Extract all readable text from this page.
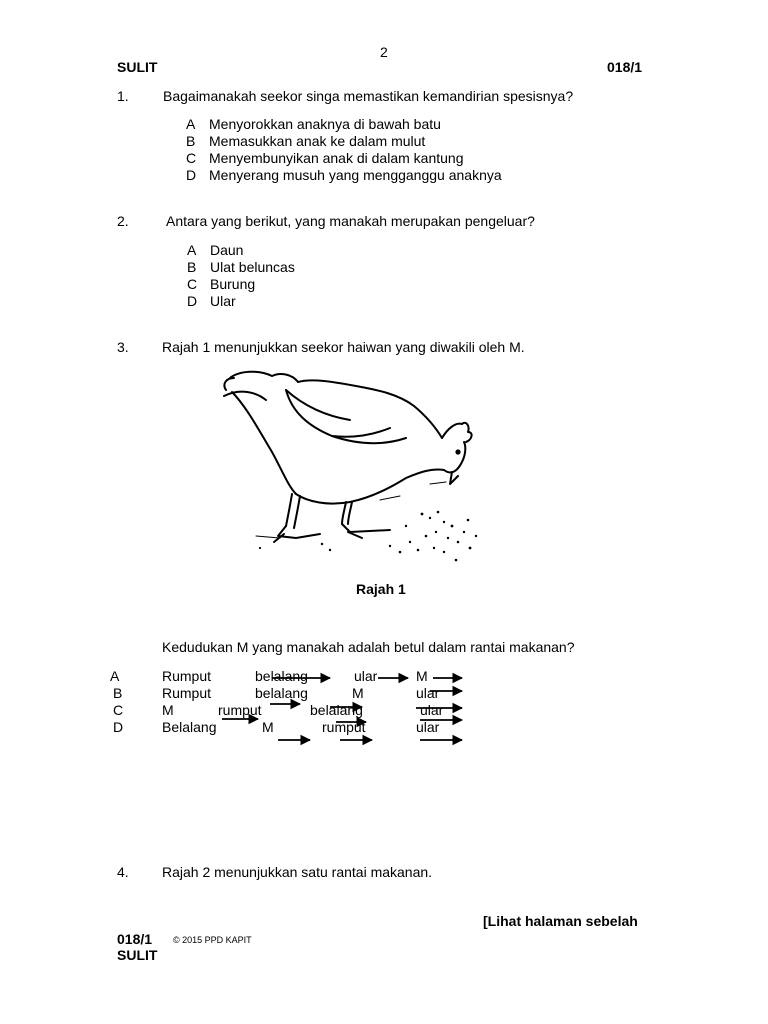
2
SULIT	018/1
1. Bagaimanakah seekor singa memastikan kemandirian spesisnya?
A Menyorokkan anaknya di bawah batu
B Memasukkan anak ke dalam mulut
C Menyembunyikan anak di dalam kantung
D Menyerang musuh yang mengganggu anaknya
2.	Antara yang berikut, yang manakah merupakan pengeluar?
A Daun
B Ulat beluncas
C Burung
D Ular
3. Rajah 1 menunjukkan seekor haiwan yang diwakili oleh M.
Rajah 1
Kedudukan M yang manakah adalah betul dalam rantai makanan?
A	Rumput	belalang	ular	M
B	Rumput	belalang	M	ular
C	M	rumput	belalang	ular
D	Belalang	M	rumput	ular
4. Rajah 2 menunjukkan satu rantai makanan.
[Lihat halaman sebelah
018/1 © 2015 PPD KAPIT
SULIT
